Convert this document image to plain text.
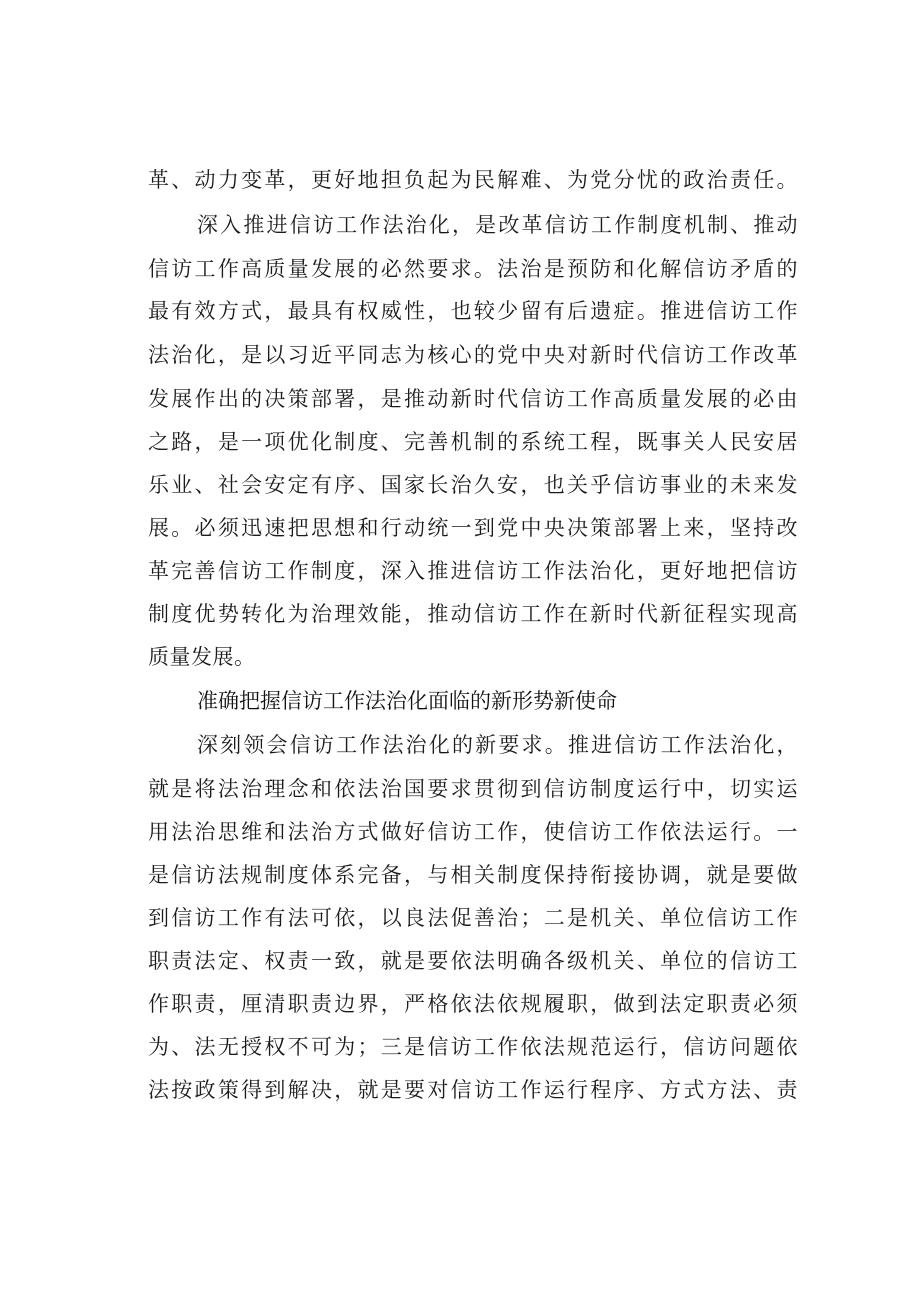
革、动力变革，更好地担负起为民解难、为党分忧的政治责任。
深入推进信访工作法治化，是改革信访工作制度机制、推动
信访工作高质量发展的必然要求。法治是预防和化解信访矛盾的
最有效方式，最具有权威性，也较少留有后遗症。推进信访工作
法治化，是以习近平同志为核心的党中央对新时代信访工作改革
发展作出的决策部署，是推动新时代信访工作高质量发展的必由
之路，是一项优化制度、完善机制的系统工程，既事关人民安居
乐业、社会安定有序、国家长治久安，也关乎信访事业的未来发
展。必须迅速把思想和行动统一到党中央决策部署上来，坚持改
革完善信访工作制度，深入推进信访工作法治化，更好地把信访
制度优势转化为治理效能，推动信访工作在新时代新征程实现高
质量发展。
准确把握信访工作法治化面临的新形势新使命
深刻领会信访工作法治化的新要求。推进信访工作法治化，
就是将法治理念和依法治国要求贯彻到信访制度运行中，切实运
用法治思维和法治方式做好信访工作，使信访工作依法运行。一
是信访法规制度体系完备，与相关制度保持衔接协调，就是要做
到信访工作有法可依，以良法促善治；二是机关、单位信访工作
职责法定、权责一致，就是要依法明确各级机关、单位的信访工
作职责，厘清职责边界，严格依法依规履职，做到法定职责必须
为、法无授权不可为；三是信访工作依法规范运行，信访问题依
法按政策得到解决，就是要对信访工作运行程序、方式方法、责
